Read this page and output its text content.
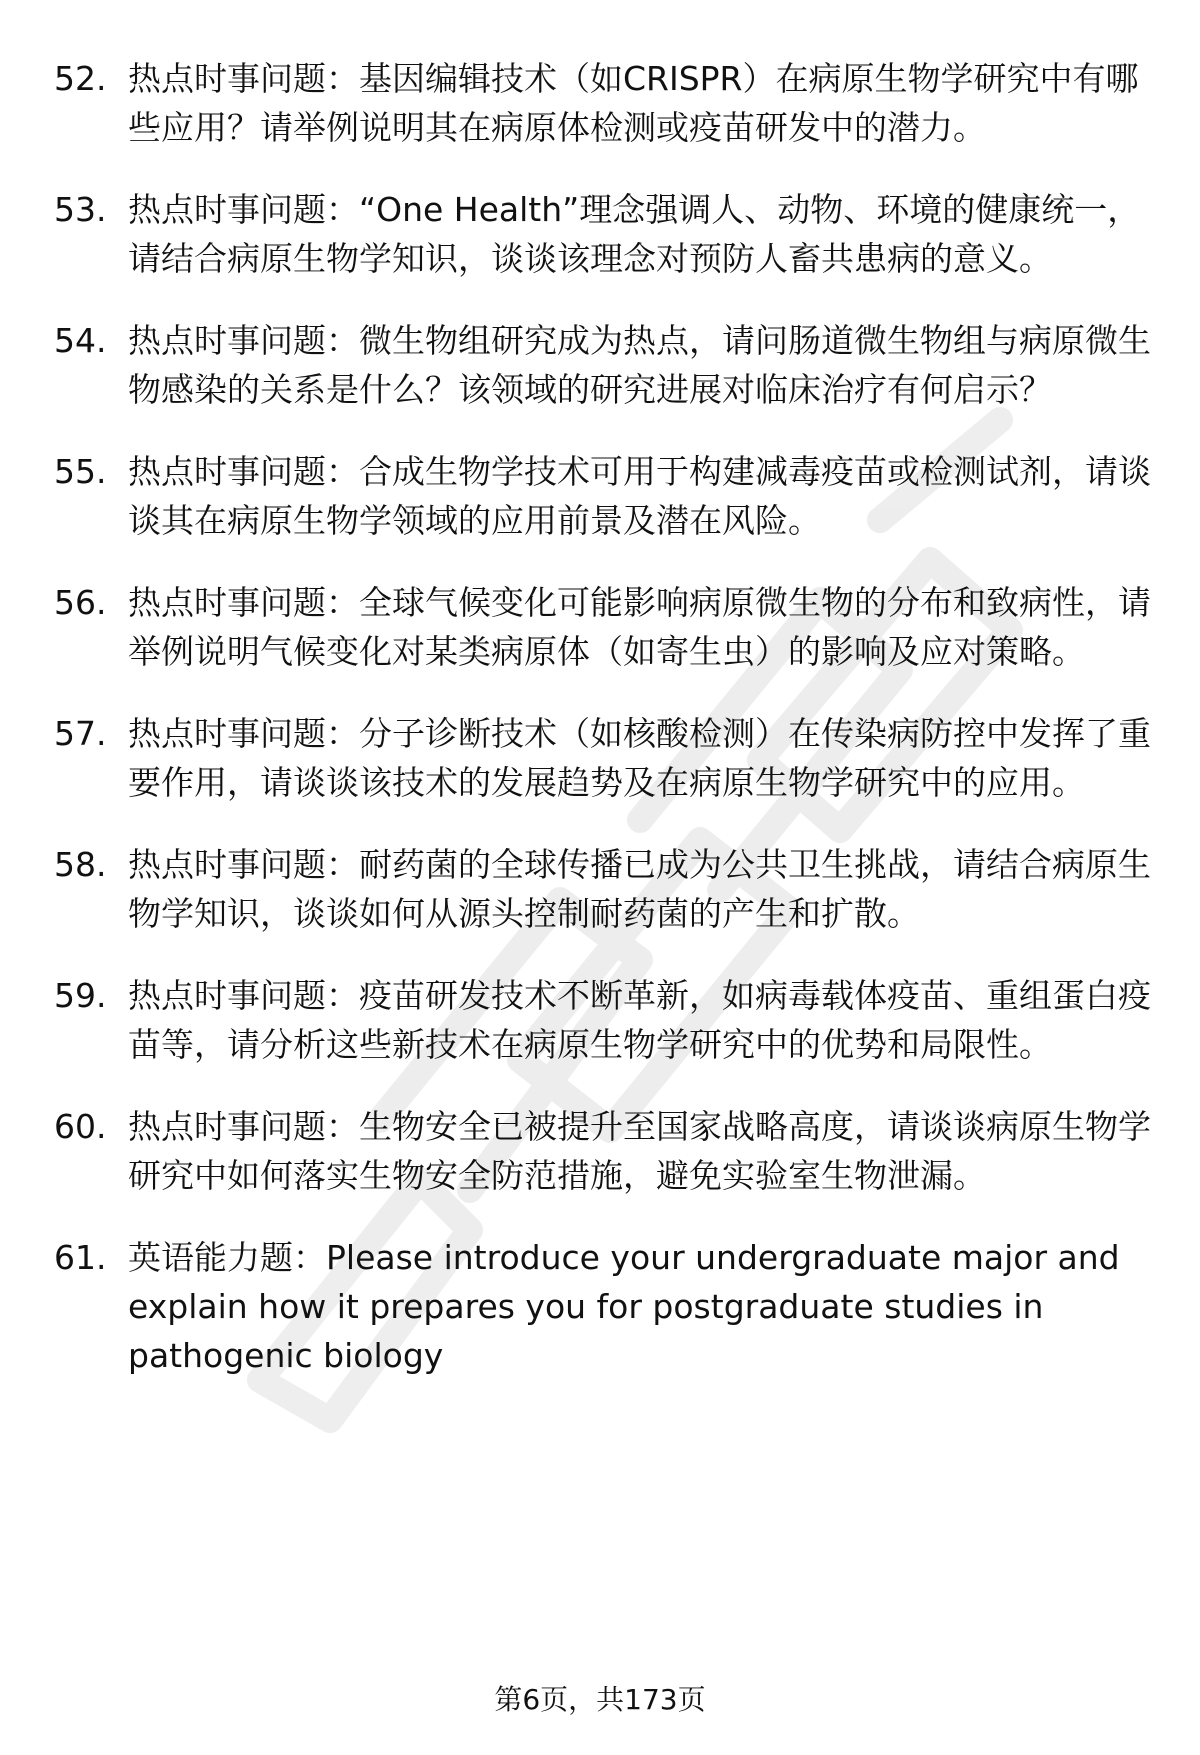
52. 热点时事问题：基因编辑技术（如CRISPR）在病原生物学研究中有哪些应用？请举例说明其在病原体检测或疫苗研发中的潜力。
53. 热点时事问题：“One Health”理念强调人、动物、环境的健康统一，请结合病原生物学知识，谈谈该理念对预防人畜共患病的意义。
54. 热点时事问题：微生物组研究成为热点，请问肠道微生物组与病原微生物感染的关系是什么？该领域的研究进展对临床治疗有何启示？
55. 热点时事问题：合成生物学技术可用于构建减毒疫苗或检测试剂，请谈谈其在病原生物学领域的应用前景及潜在风险。
56. 热点时事问题：全球气候变化可能影响病原微生物的分布和致病性，请举例说明气候变化对某类病原体（如寄生虫）的影响及应对策略。
57. 热点时事问题：分子诊断技术（如核酸检测）在传染病防控中发挥了重要作用，请谈谈该技术的发展趋势及在病原生物学研究中的应用。
58. 热点时事问题：耐药菌的全球传播已成为公共卫生挑战，请结合病原生物学知识，谈谈如何从源头控制耐药菌的产生和扩散。
59. 热点时事问题：疫苗研发技术不断革新，如病毒载体疫苗、重组蛋白疫苗等，请分析这些新技术在病原生物学研究中的优势和局限性。
60. 热点时事问题：生物安全已被提升至国家战略高度，请谈谈病原生物学研究中如何落实生物安全防范措施，避免实验室生物泄漏。
61. 英语能力题：Please introduce your undergraduate major and explain how it prepares you for postgraduate studies in pathogenic biology
第6页，共173页
